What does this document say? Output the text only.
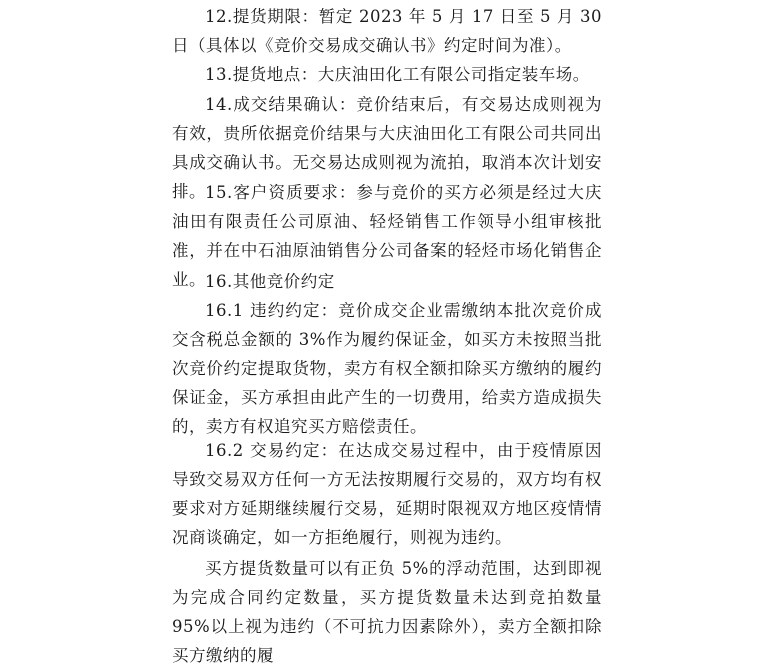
12.提货期限：暂定 2023 年 5 月 17 日至 5 月 30 日（具体以《竞价交易成交确认书》约定时间为准）。

13.提货地点：大庆油田化工有限公司指定装车场。

14.成交结果确认：竞价结束后，有交易达成则视为有效，贵所依据竞价结果与大庆油田化工有限公司共同出具成交确认书。无交易达成则视为流拍，取消本次计划安排。 15.客户资质要求：参与竞价的买方必须是经过大庆油田有限责任公司原油、轻烃销售工作领导小组审核批准，并在中石油原油销售分公司备案的轻烃市场化销售企业。 16.其他竞价约定

16.1 违约约定：竞价成交企业需缴纳本批次竞价成交含税总金额的 3%作为履约保证金，如买方未按照当批次竞价约定提取货物，卖方有权全额扣除买方缴纳的履约保证金，买方承担由此产生的一切费用，给卖方造成损失的，卖方有权追究买方赔偿责任。

16.2 交易约定：在达成交易过程中，由于疫情原因导致交易双方任何一方无法按期履行交易的，双方均有权要求对方延期继续履行交易，延期时限视双方地区疫情情况商谈确定，如一方拒绝履行，则视为违约。

买方提货数量可以有正负 5%的浮动范围，达到即视为完成合同约定数量，买方提货数量未达到竞拍数量 95%以上视为违约（不可抗力因素除外），卖方全额扣除买方缴纳的履
